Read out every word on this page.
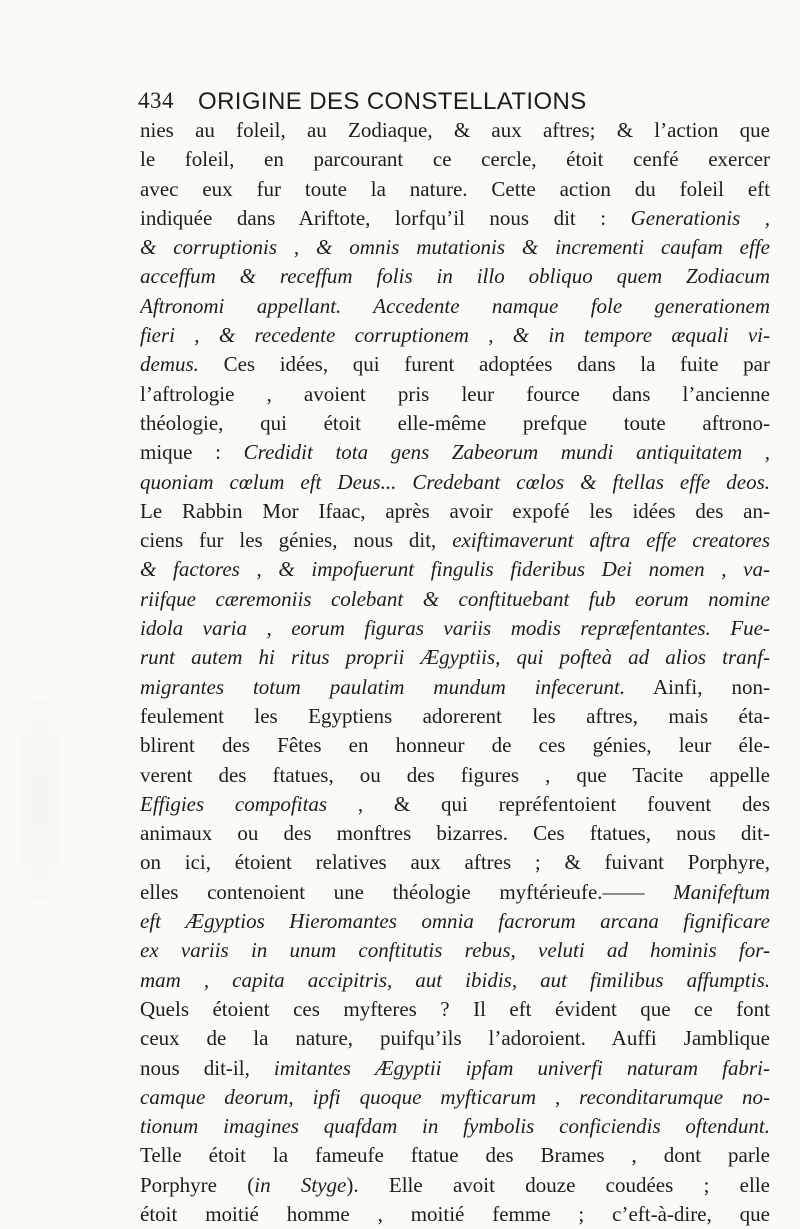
434 ORIGINE DES CONSTELLATIONS
nies au foleil, au Zodiaque, & aux aftres; & l’action que
le foleil, en parcourant ce cercle, étoit cenfé exercer
avec eux fur toute la nature. Cette action du foleil eft
indiquée dans Ariftote, lorfqu’il nous dit : Generationis ,
& corruptionis , & omnis mutationis & incrementi caufam effe
acceffum & receffum folis in illo obliquo quem Zodiacum
Aftronomi appellant. Accedente namque fole generationem
fieri , & recedente corruptionem , & in tempore æquali vi-
demus. Ces idées, qui furent adoptées dans la fuite par
l’aftrologie , avoient pris leur fource dans l’ancienne
théologie, qui étoit elle-même prefque toute aftrono-
mique : Credidit tota gens Zabeorum mundi antiquitatem ,
quoniam cœlum eft Deus... Credebant cœlos & ftellas effe deos.
Le Rabbin Mor Ifaac, après avoir expofé les idées des an-
ciens fur les génies, nous dit, exiftimaverunt aftra effe creatores
& factores , & impofuerunt fingulis fideribus Dei nomen , va-
riifque cæremoniis colebant & conftituebant fub eorum nomine
idola varia , eorum figuras variis modis repræfentantes. Fue-
runt autem hi ritus proprii Ægyptiis, qui pofteà ad alios tranf-
migrantes totum paulatim mundum infecerunt. Ainfi, non-
feulement les Egyptiens adorerent les aftres, mais éta-
blirent des Fêtes en honneur de ces génies, leur éle-
verent des ftatues, ou des figures , que Tacite appelle
Effigies compofitas , & qui repréfentoient fouvent des
animaux ou des monftres bizarres. Ces ftatues, nous dit-
on ici, étoient relatives aux aftres ; & fuivant Porphyre,
elles contenoient une théologie myftérieufe.—— Manifeftum
eft Ægyptios Hieromantes omnia facrorum arcana fignificare
ex variis in unum conftitutis rebus, veluti ad hominis for-
mam , capita accipitris, aut ibidis, aut fimilibus affumptis.
Quels étoient ces myfteres ? Il eft évident que ce font
ceux de la nature, puifqu’ils l’adoroient. Auffi Jamblique
nous dit-il, imitantes Ægyptii ipfam univerfi naturam fabri-
camque deorum, ipfi quoque myfticarum , reconditarumque no-
tionum imagines quafdam in fymbolis conficiendis oftendunt.
Telle étoit la fameufe ftatue des Brames , dont parle
Porphyre (in Styge). Elle avoit douze coudées ; elle
étoit moitié homme , moitié femme ; c’eft-à-dire, que
